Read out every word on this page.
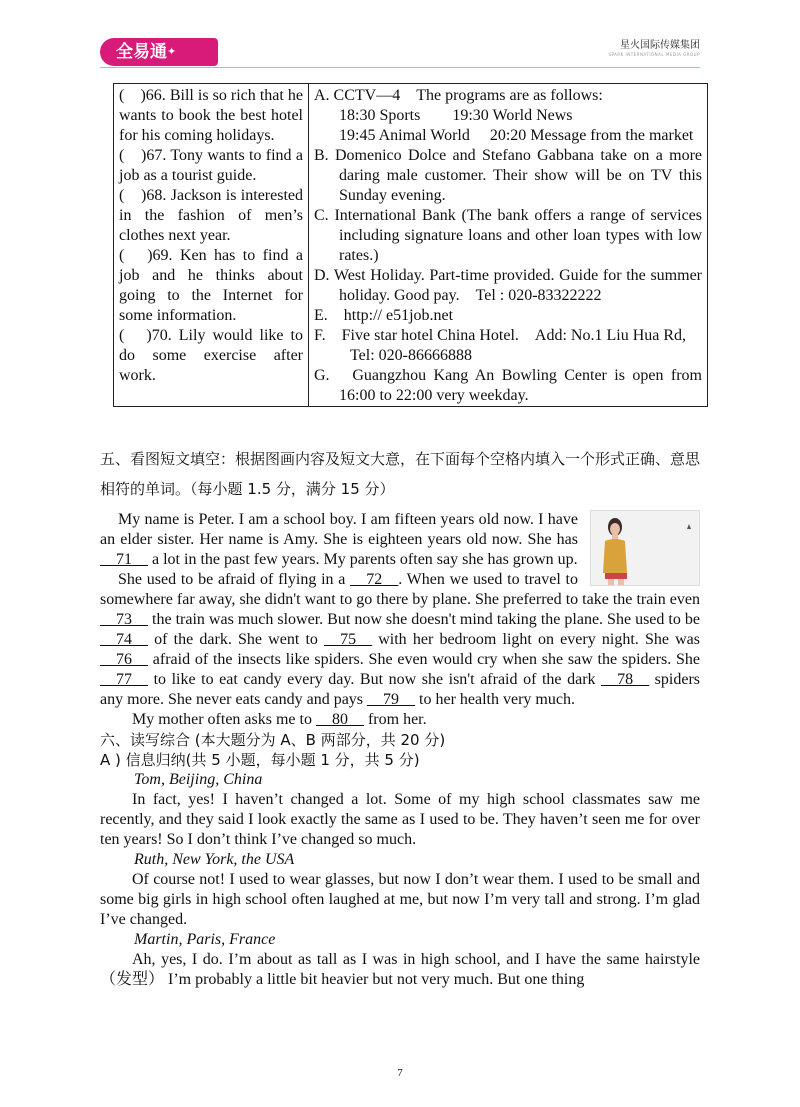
全易通✦	星火国际传媒集团
SPARK INTERNATIONAL MEDIA GROUP
(　)66. Bill is so rich that he wants to book the best hotel for his coming holidays.
(　)67. Tony wants to find a job as a tourist guide.
(　)68. Jackson is interested in the fashion of men’s clothes next year.
(　)69. Ken has to find a job and he thinks about going to the Internet for some information.
(　)70. Lily would like to do some exercise after work.

A. CCTV—4　The programs are as follows:
18:30 Sports　　19:30 World News
19:45 Animal World　 20:20 Message from the market
B. Domenico Dolce and Stefano Gabbana take on a more daring male customer. Their show will be on TV this Sunday evening.
C. International Bank (The bank offers a range of services including signature loans and other loan types with low rates.)
D. West Holiday. Part-time provided. Guide for the summer holiday. Good pay.　Tel : 020-83322222
E.　http:// e51job.net
F.　Five star hotel China Hotel.　Add: No.1 Liu Hua Rd,
Tel: 020-86666888
G.　Guangzhou Kang An Bowling Center is open from 16:00 to 22:00 very weekday.
五、看图短文填空：根据图画内容及短文大意，在下面每个空格内填入一个形式正确、意思相符的单词。（每小题 1.5 分，满分 15 分）

My name is Peter. I am a school boy. I am fifteen years old now. I have an elder sister. Her name is Amy. She is eighteen years old now. She has __71__ a lot in the past few years. My parents often say she has grown up.

She used to be afraid of flying in a __72__. When we used to travel to somewhere far away, she didn't want to go there by plane. She preferred to take the train even __73__ the train was much slower. But now she doesn't mind taking the plane. She used to be __74__ of the dark. She went to __75__ with her bedroom light on every night. She was __76__ afraid of the insects like spiders. She even would cry when she saw the spiders. She __77__ to like to eat candy every day. But now she isn't afraid of the dark __78__ spiders any more. She never eats candy and pays __79__ to her health very much.

My mother often asks me to __80__ from her.

六、读写综合 (本大题分为 A、B 两部分，共 20 分)
A ) 信息归纳(共 5 小题，每小题 1 分，共 5 分)
Tom, Beijing, China

In fact, yes! I haven’t changed a lot. Some of my high school classmates saw me recently, and they said I look exactly the same as I used to be. They haven’t seen me for over ten years! So I don’t think I’ve changed so much.

Ruth, New York, the USA

Of course not! I used to wear glasses, but now I don’t wear them. I used to be small and some big girls in high school often laughed at me, but now I’m very tall and strong. I’m glad I’ve changed.

Martin, Paris, France

Ah, yes, I do. I’m about as tall as I was in high school, and I have the same hairstyle（发型） I’m probably a little bit heavier but not very much. But one thing

7
